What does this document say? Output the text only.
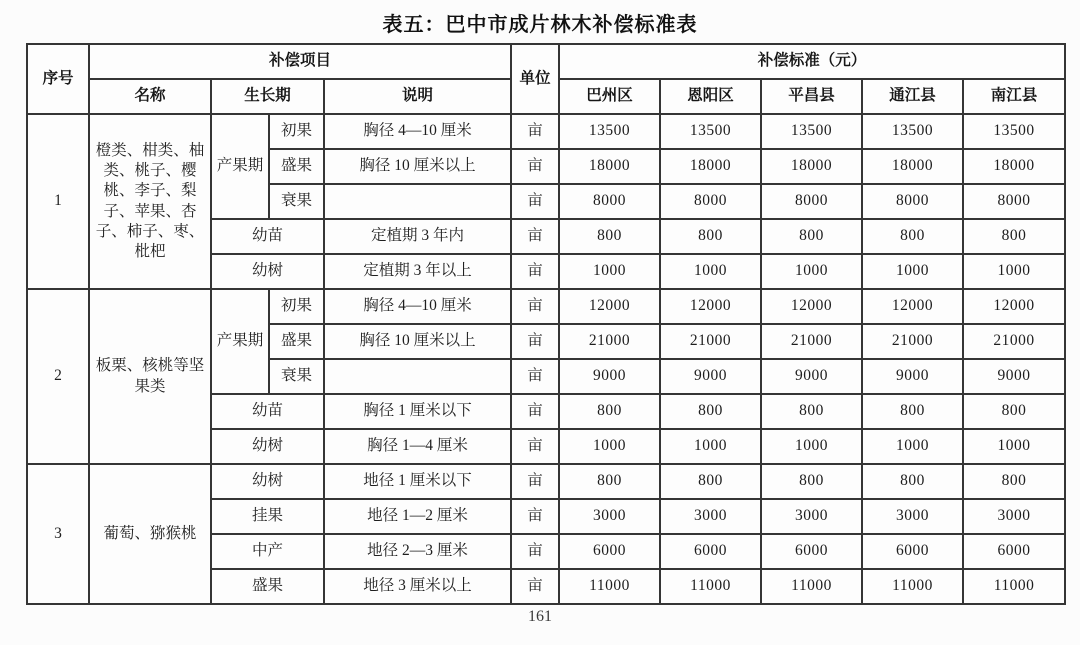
表五：巴中市成片林木补偿标准表
序号	补偿项目				单位	补偿标准（元）				
	名称	生长期		说明		巴州区	恩阳区	平昌县	通江县	南江县
1	橙类、柑类、柚类、桃子、樱桃、李子、梨子、苹果、杏子、柿子、枣、枇杷	产果期	初果	胸径 4—10 厘米	亩	13500	13500	13500	13500	13500
			盛果	胸径 10 厘米以上	亩	18000	18000	18000	18000	18000
			衰果		亩	8000	8000	8000	8000	8000
		幼苗		定植期 3 年内	亩	800	800	800	800	800
		幼树		定植期 3 年以上	亩	1000	1000	1000	1000	1000
2	板栗、核桃等坚果类	产果期	初果	胸径 4—10 厘米	亩	12000	12000	12000	12000	12000
			盛果	胸径 10 厘米以上	亩	21000	21000	21000	21000	21000
			衰果		亩	9000	9000	9000	9000	9000
		幼苗		胸径 1 厘米以下	亩	800	800	800	800	800
		幼树		胸径 1—4 厘米	亩	1000	1000	1000	1000	1000
3	葡萄、猕猴桃	幼树		地径 1 厘米以下	亩	800	800	800	800	800
		挂果		地径 1—2 厘米	亩	3000	3000	3000	3000	3000
		中产		地径 2—3 厘米	亩	6000	6000	6000	6000	6000
		盛果		地径 3 厘米以上	亩	11000	11000	11000	11000	11000
161
